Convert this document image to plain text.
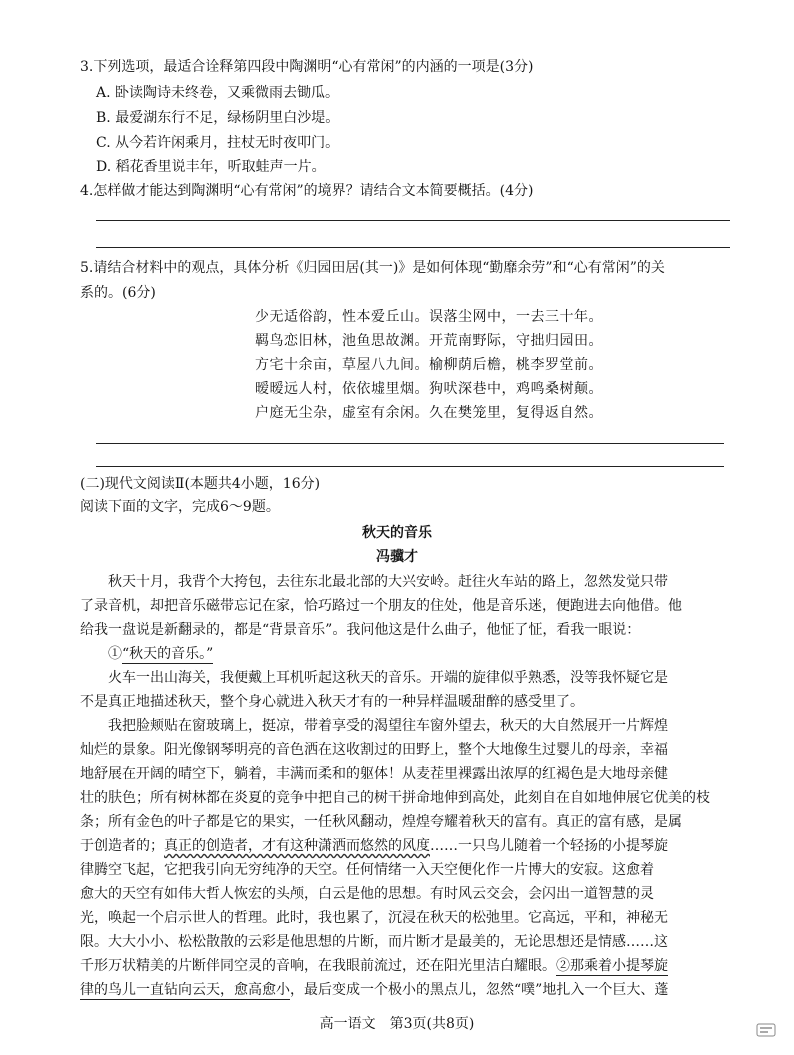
3.下列选项，最适合诠释第四段中陶渊明“心有常闲”的内涵的一项是(3分)
A. 卧读陶诗未终卷，又乘微雨去锄瓜。
B. 最爱湖东行不足，绿杨阴里白沙堤。
C. 从今若许闲乘月，拄杖无时夜叩门。
D. 稻花香里说丰年，听取蛙声一片。
4.怎样做才能达到陶渊明“心有常闲”的境界？请结合文本简要概括。(4分)
5.请结合材料中的观点，具体分析《归园田居(其一)》是如何体现“勤靡余劳”和“心有常闲”的关
系的。(6分)
少无适俗韵，性本爱丘山。误落尘网中，一去三十年。
羁鸟恋旧林，池鱼思故渊。开荒南野际，守拙归园田。
方宅十余亩，草屋八九间。榆柳荫后檐，桃李罗堂前。
暧暧远人村，依依墟里烟。狗吠深巷中，鸡鸣桑树颠。
户庭无尘杂，虚室有余闲。久在樊笼里，复得返自然。
(二)现代文阅读Ⅱ(本题共4小题，16分)
阅读下面的文字，完成6～9题。
秋天的音乐
冯骥才
秋天十月，我背个大挎包，去往东北最北部的大兴安岭。赶往火车站的路上，忽然发觉只带
了录音机，却把音乐磁带忘记在家，恰巧路过一个朋友的住处，他是音乐迷，便跑进去向他借。他
给我一盘说是新翻录的，都是“背景音乐”。我问他这是什么曲子，他怔了怔，看我一眼说：
①“秋天的音乐。”
火车一出山海关，我便戴上耳机听起这秋天的音乐。开端的旋律似乎熟悉，没等我怀疑它是
不是真正地描述秋天，整个身心就进入秋天才有的一种异样温暖甜醉的感受里了。
我把脸颊贴在窗玻璃上，挺凉，带着享受的渴望往车窗外望去，秋天的大自然展开一片辉煌
灿烂的景象。阳光像钢琴明亮的音色洒在这收割过的田野上，整个大地像生过婴儿的母亲，幸福
地舒展在开阔的晴空下，躺着，丰满而柔和的躯体！从麦茬里裸露出浓厚的红褐色是大地母亲健
壮的肤色；所有树林都在炎夏的竞争中把自己的树干拼命地伸到高处，此刻自在自如地伸展它优美的枝
条；所有金色的叶子都是它的果实，一任秋风翻动，煌煌夸耀着秋天的富有。真正的富有感，是属
于创造者的；真正的创造者，才有这种潇洒而悠然的风度……一只鸟儿随着一个轻扬的小提琴旋
律腾空飞起，它把我引向无穷纯净的天空。任何情绪一入天空便化作一片博大的安寂。这愈着
愈大的天空有如伟大哲人恢宏的头颅，白云是他的思想。有时风云交会，会闪出一道智慧的灵
光，唤起一个启示世人的哲理。此时，我也累了，沉浸在秋天的松弛里。它高远，平和，神秘无
限。大大小小、松松散散的云彩是他思想的片断，而片断才是最美的，无论思想还是情感……这
千形万状精美的片断伴同空灵的音响，在我眼前流过，还在阳光里洁白耀眼。②那乘着小提琴旋
律的鸟儿一直钻向云天，愈高愈小，最后变成一个极小的黑点儿，忽然“噗”地扎入一个巨大、蓬
高一语文　第3页(共8页)
